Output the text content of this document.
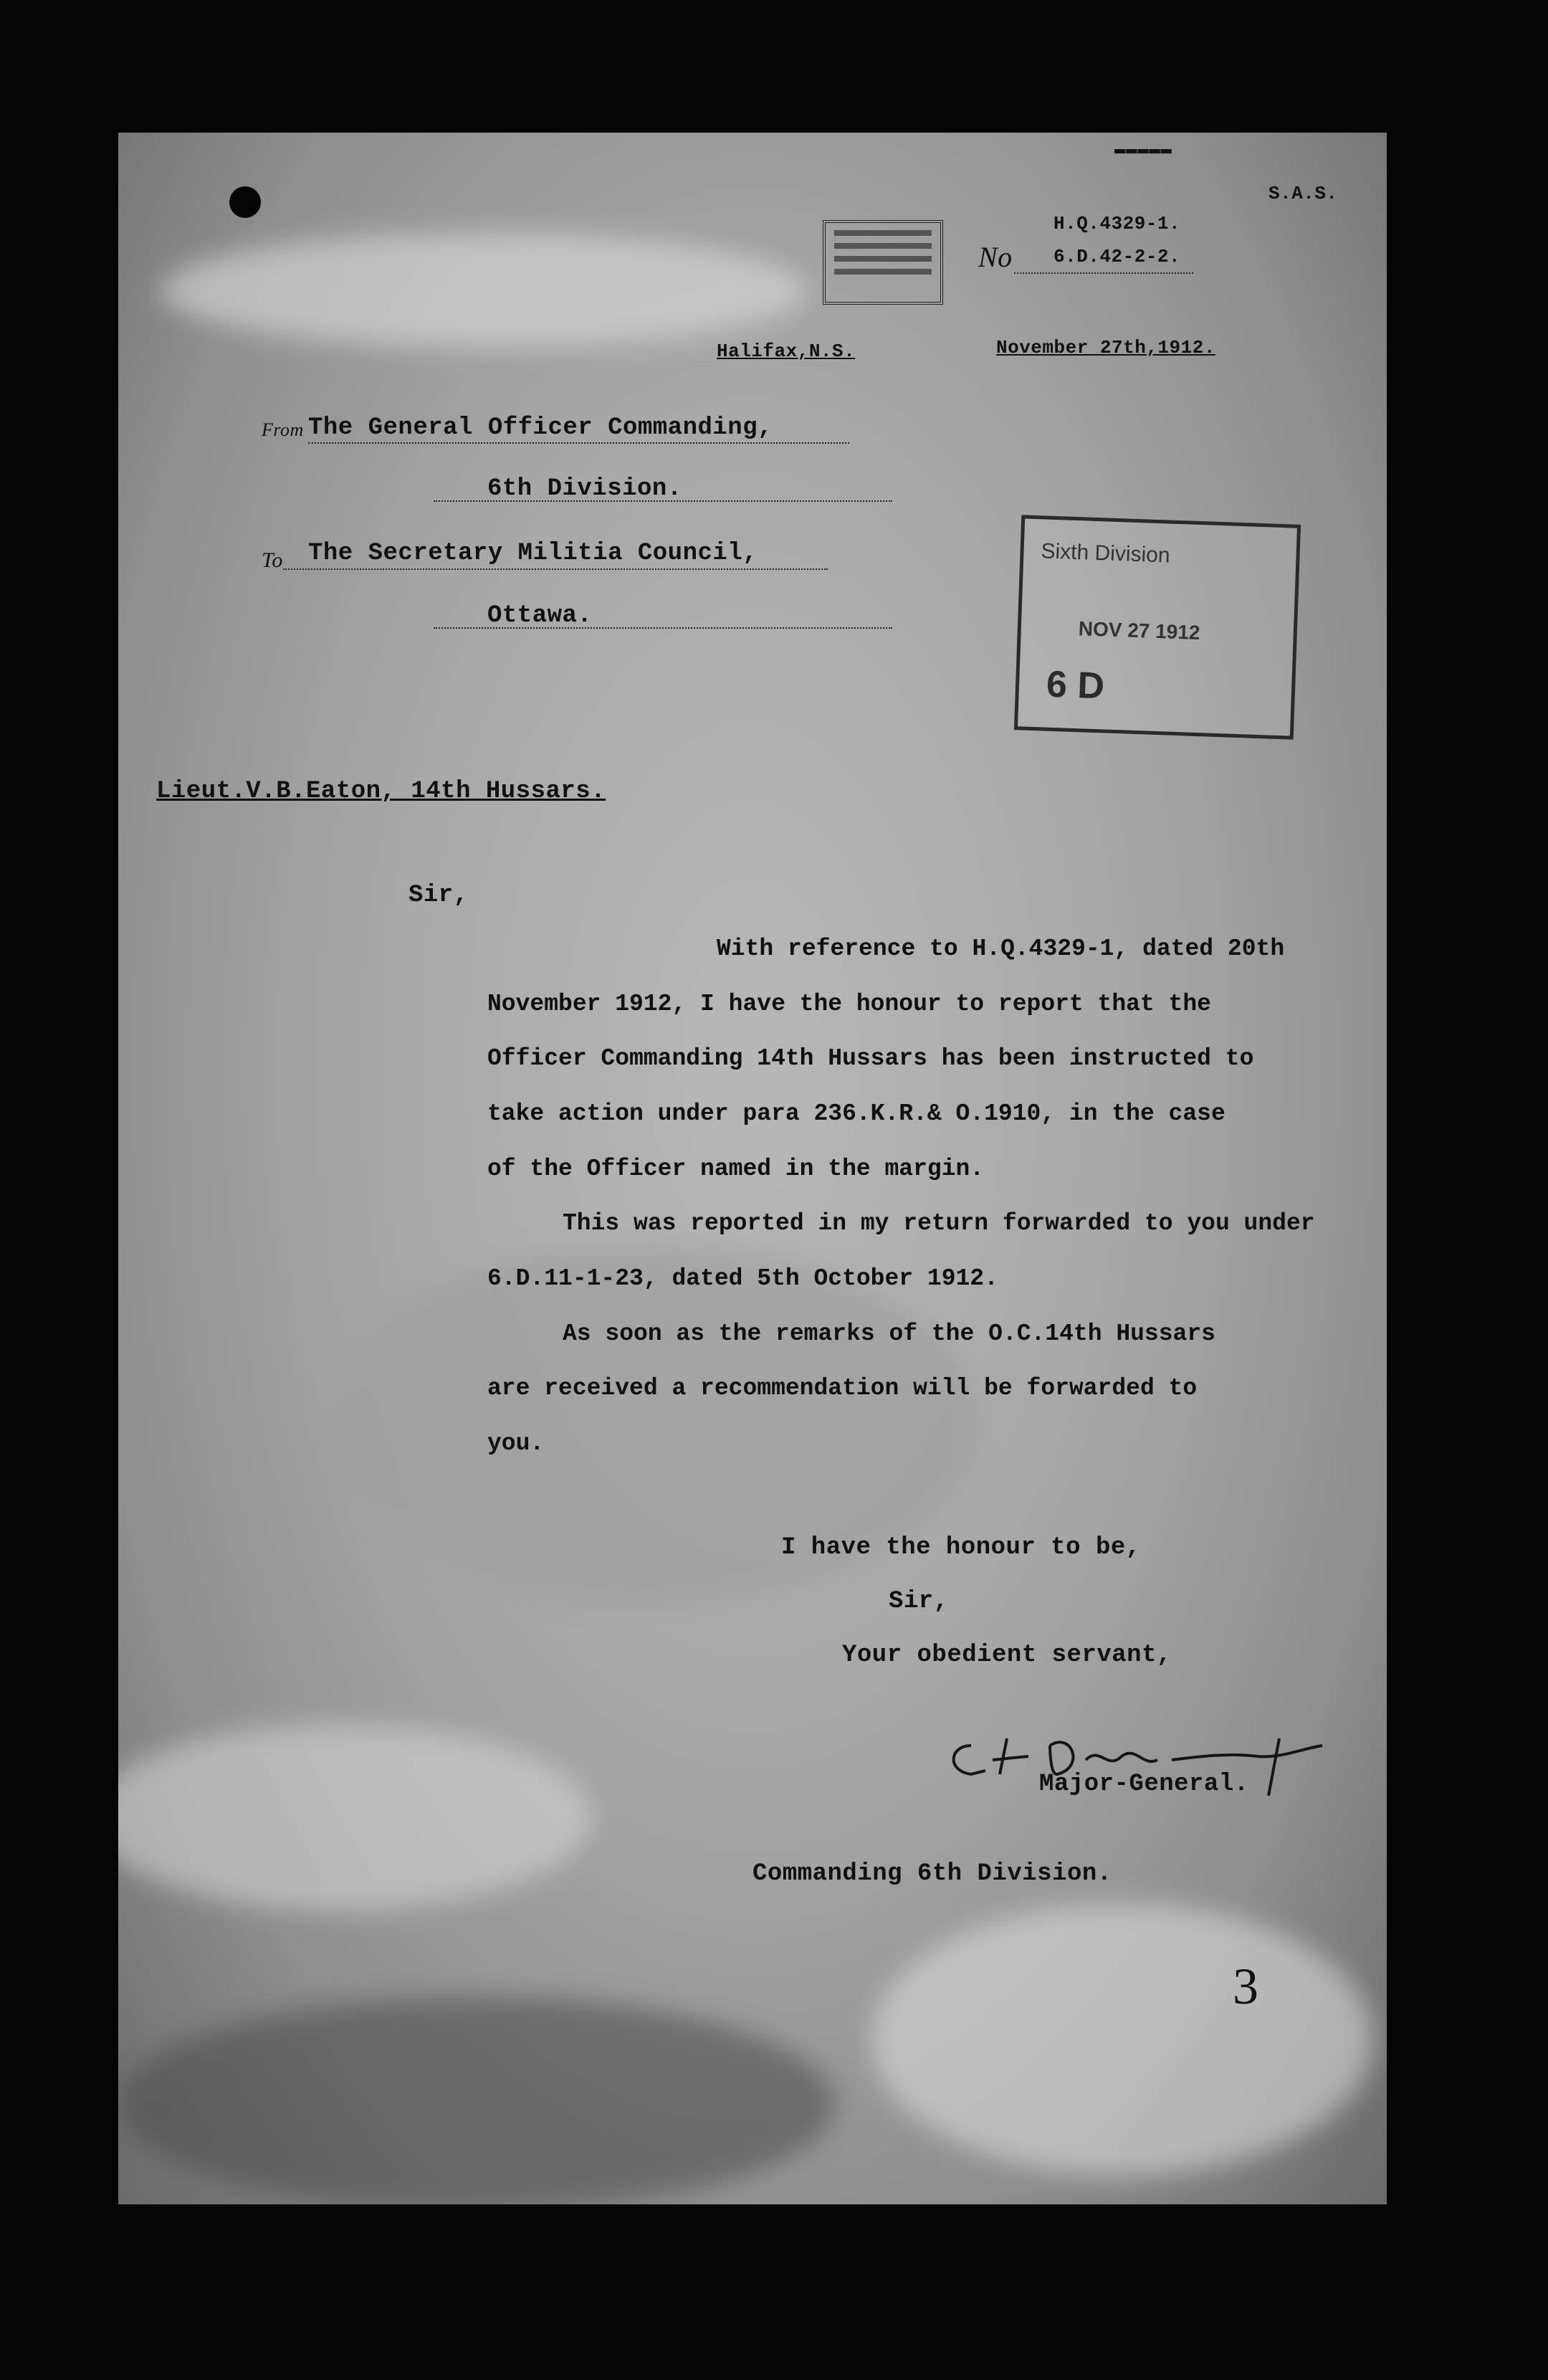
▬▬▬▬▬
S.A.S.
H.Q.4329-1.
No 6.D.42-2-2.
Halifax,N.S.	November 27th,1912.
From The General Officer Commanding,
6th Division.
To The Secretary Militia Council,
Ottawa.
Sixth Division
NOV 27 1912
6 D
Lieut.V.B.Eaton, 14th Hussars.
Sir,
With reference to H.Q.4329-1, dated 20th
November 1912, I have the honour to report that the
Officer Commanding 14th Hussars has been instructed to
take action under para 236.K.R.& O.1910, in the case
of the Officer named in the margin.
This was reported in my return forwarded to you under
6.D.11-1-23, dated 5th October 1912.
As soon as the remarks of the O.C.14th Hussars
are received a recommendation will be forwarded to
you.
I have the honour to be,
Sir,
Your obedient servant,
Major-General.
Commanding 6th Division.
3
